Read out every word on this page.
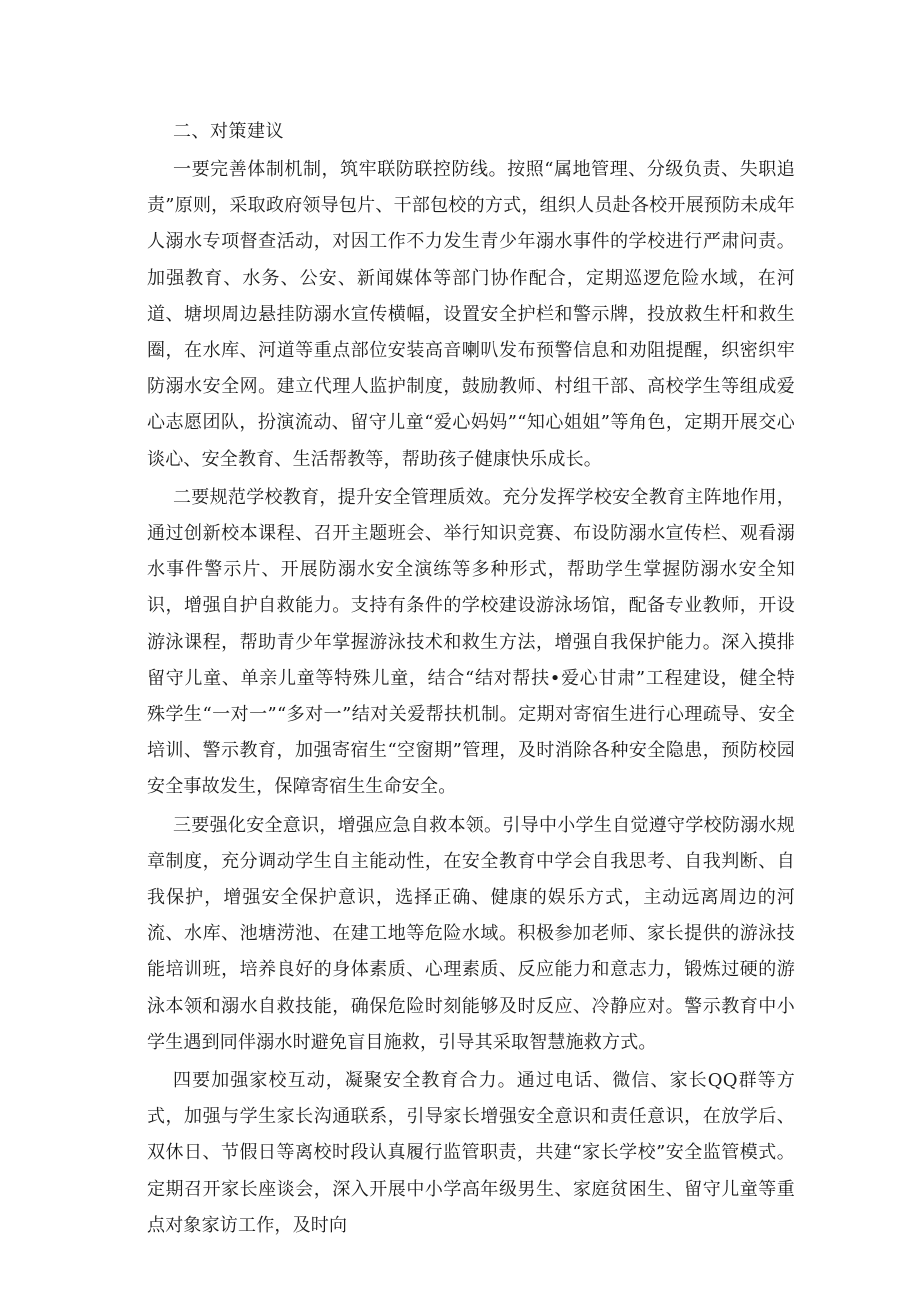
二、对策建议

一要完善体制机制，筑牢联防联控防线。按照“属地管理、分级负责、失职追责”原则，采取政府领导包片、干部包校的方式，组织人员赴各校开展预防未成年人溺水专项督查活动，对因工作不力发生青少年溺水事件的学校进行严肃问责。加强教育、水务、公安、新闻媒体等部门协作配合，定期巡逻危险水域，在河道、塘坝周边悬挂防溺水宣传横幅，设置安全护栏和警示牌，投放救生杆和救生圈，在水库、河道等重点部位安装高音喇叭发布预警信息和劝阻提醒，织密织牢防溺水安全网。建立代理人监护制度，鼓励教师、村组干部、高校学生等组成爱心志愿团队，扮演流动、留守儿童“爱心妈妈”“知心姐姐”等角色，定期开展交心谈心、安全教育、生活帮教等，帮助孩子健康快乐成长。

二要规范学校教育，提升安全管理质效。充分发挥学校安全教育主阵地作用，通过创新校本课程、召开主题班会、举行知识竞赛、布设防溺水宣传栏、观看溺水事件警示片、开展防溺水安全演练等多种形式，帮助学生掌握防溺水安全知识，增强自护自救能力。支持有条件的学校建设游泳场馆，配备专业教师，开设游泳课程，帮助青少年掌握游泳技术和救生方法，增强自我保护能力。深入摸排留守儿童、单亲儿童等特殊儿童，结合“结对帮扶•爱心甘肃”工程建设，健全特殊学生“一对一”“多对一”结对关爱帮扶机制。定期对寄宿生进行心理疏导、安全培训、警示教育，加强寄宿生“空窗期”管理，及时消除各种安全隐患，预防校园安全事故发生，保障寄宿生生命安全。

三要强化安全意识，增强应急自救本领。引导中小学生自觉遵守学校防溺水规章制度，充分调动学生自主能动性，在安全教育中学会自我思考、自我判断、自我保护，增强安全保护意识，选择正确、健康的娱乐方式，主动远离周边的河流、水库、池塘涝池、在建工地等危险水域。积极参加老师、家长提供的游泳技能培训班，培养良好的身体素质、心理素质、反应能力和意志力，锻炼过硬的游泳本领和溺水自救技能，确保危险时刻能够及时反应、冷静应对。警示教育中小学生遇到同伴溺水时避免盲目施救，引导其采取智慧施救方式。

四要加强家校互动，凝聚安全教育合力。通过电话、微信、家长QQ群等方式，加强与学生家长沟通联系，引导家长增强安全意识和责任意识，在放学后、双休日、节假日等离校时段认真履行监管职责，共建“家长学校”安全监管模式。定期召开家长座谈会，深入开展中小学高年级男生、家庭贫困生、留守儿童等重点对象家访工作，及时向
